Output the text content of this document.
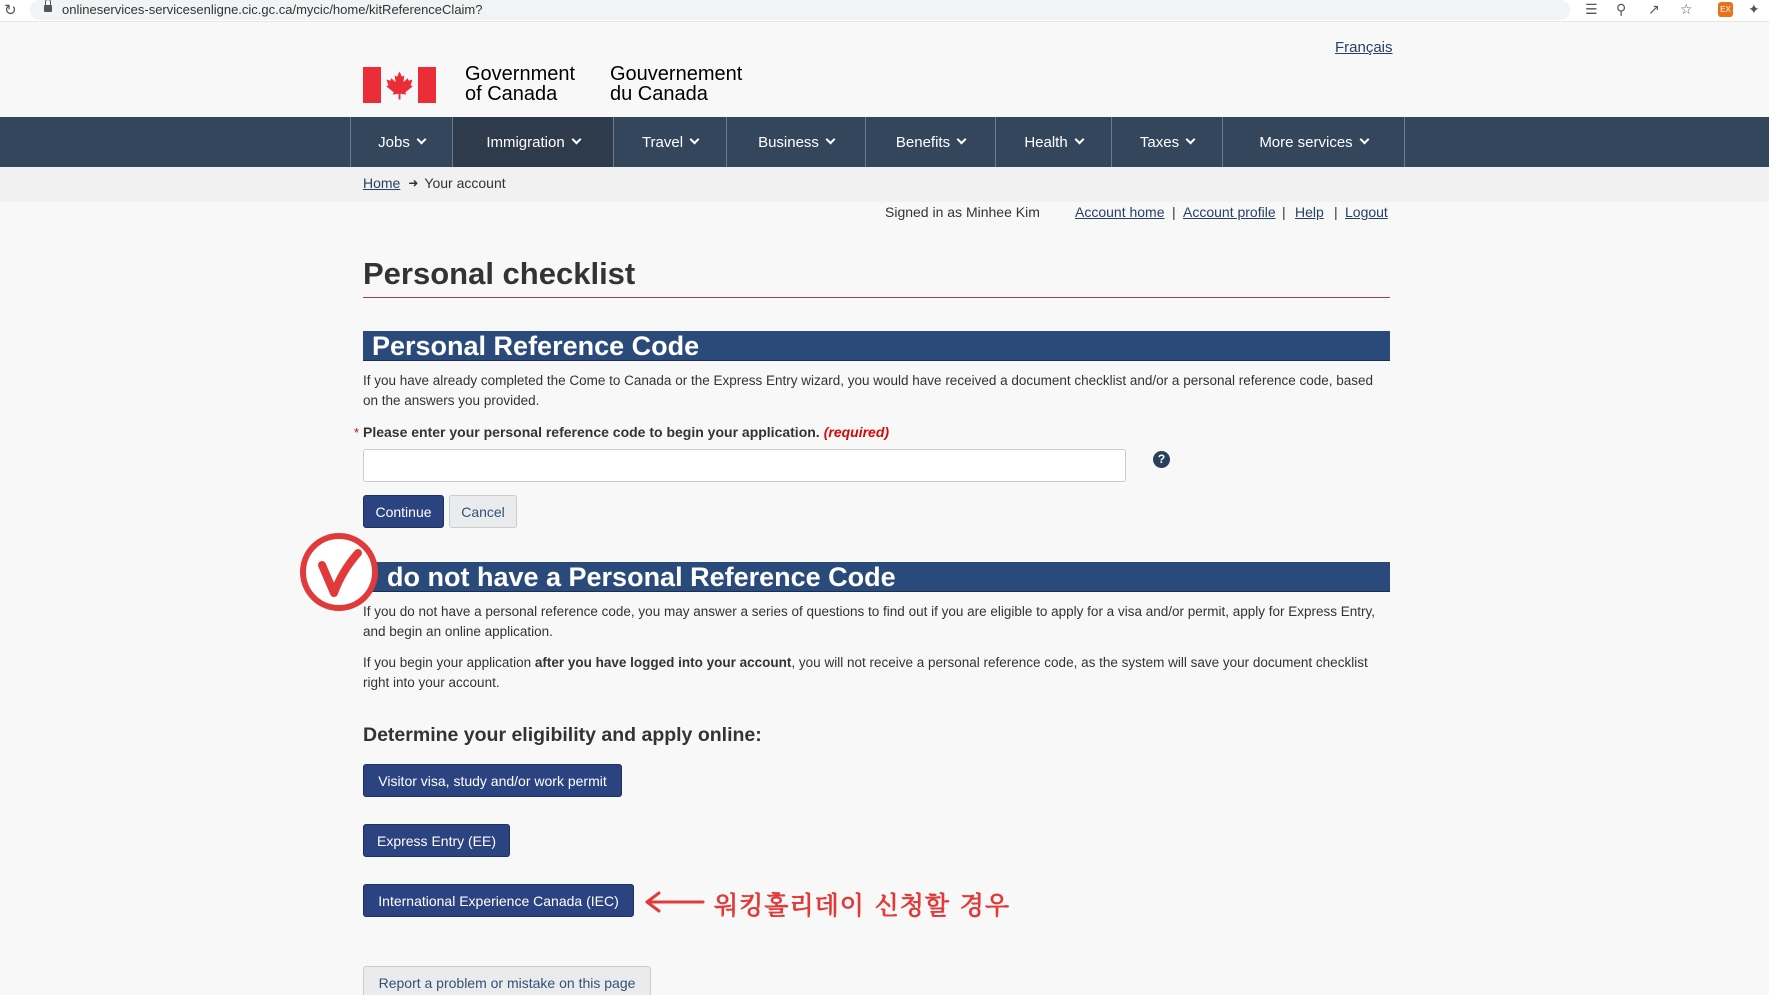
↻	onlineservices-servicesenligne.cic.gc.ca/mycic/home/kitReferenceClaim?	☰ ⚲ ↗ ☆	EX ✦
Government
of Canada
Gouvernement
du Canada
Français
Jobs	Immigration	Travel	Business	Benefits	Health	Taxes	More services
Home ➜ Your account
Signed in as Minhee Kim	Account home | Account profile | Help | Logout
Personal checklist
Personal Reference Code

If you have already completed the Come to Canada or the Express Entry wizard, you would have received a document checklist and/or a personal reference code, based on the answers you provided.

* Please enter your personal reference code to begin your application. (required)
?
Continue	Cancel
do not have a Personal Reference Code

If you do not have a personal reference code, you may answer a series of questions to find out if you are eligible to apply for a visa and/or permit, apply for Express Entry, and begin an online application.

If you begin your application after you have logged into your account, you will not receive a personal reference code, as the system will save your document checklist right into your account.

Determine your eligibility and apply online:
Visitor visa, study and/or work permit
Express Entry (EE)
International Experience Canada (IEC)	워킹홀리데이 신청할 경우
Report a problem or mistake on this page
